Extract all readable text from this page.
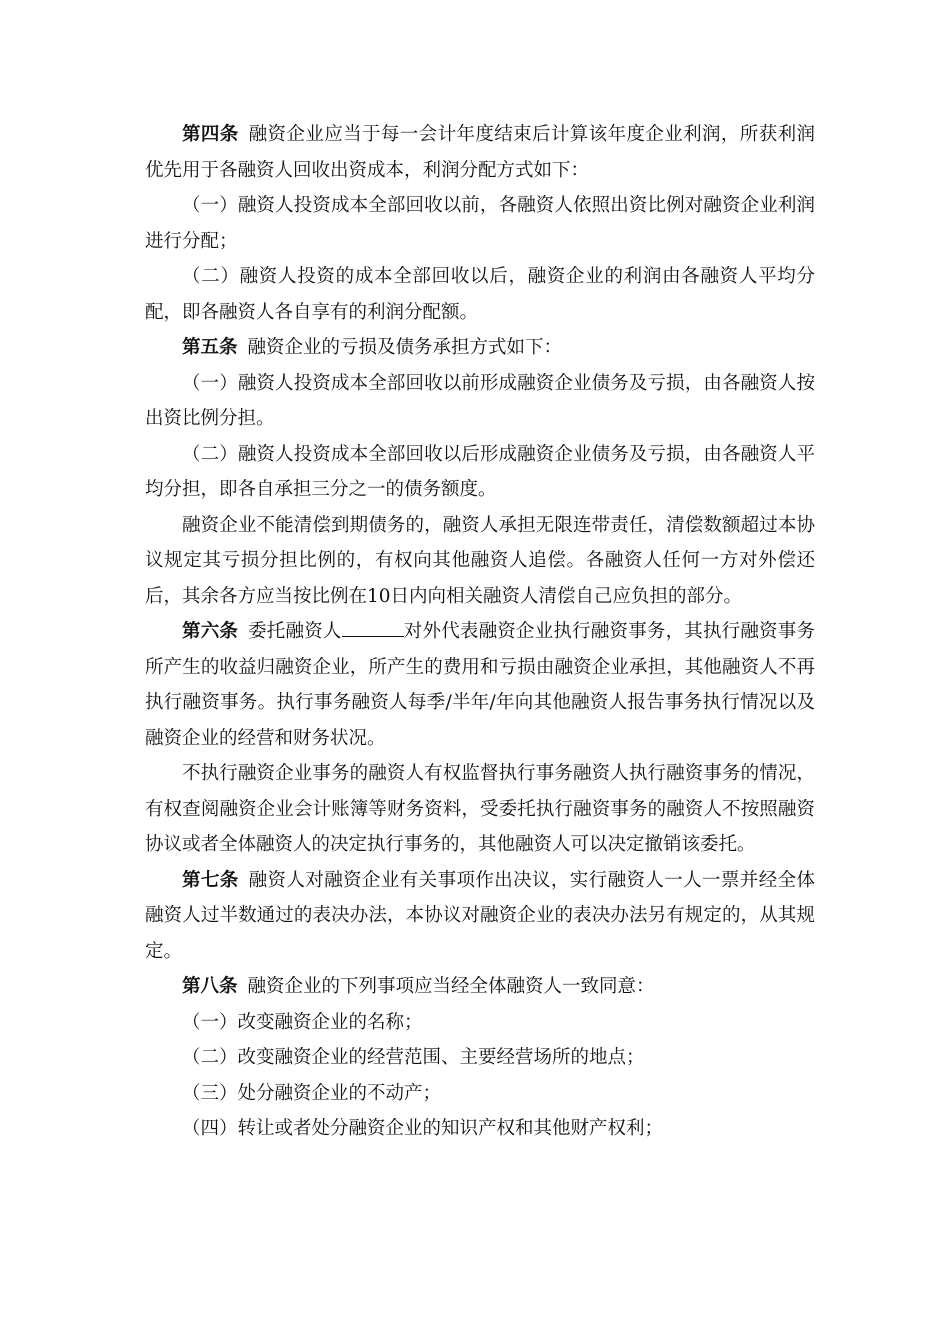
第四条 融资企业应当于每一会计年度结束后计算该年度企业利润，所获利润优先用于各融资人回收出资成本，利润分配方式如下：

（一）融资人投资成本全部回收以前，各融资人依照出资比例对融资企业利润进行分配；

（二）融资人投资的成本全部回收以后，融资企业的利润由各融资人平均分配，即各融资人各自享有的利润分配额。

第五条 融资企业的亏损及债务承担方式如下：

（一）融资人投资成本全部回收以前形成融资企业债务及亏损，由各融资人按出资比例分担。

（二）融资人投资成本全部回收以后形成融资企业债务及亏损，由各融资人平均分担，即各自承担三分之一的债务额度。

融资企业不能清偿到期债务的，融资人承担无限连带责任，清偿数额超过本协议规定其亏损分担比例的，有权向其他融资人追偿。各融资人任何一方对外偿还后，其余各方应当按比例在10日内向相关融资人清偿自己应负担的部分。

第六条 委托融资人	对外代表融资企业执行融资事务，其执行融资事务所产生的收益归融资企业，所产生的费用和亏损由融资企业承担，其他融资人不再执行融资事务。执行事务融资人每季/半年/年向其他融资人报告事务执行情况以及融资企业的经营和财务状况。

不执行融资企业事务的融资人有权监督执行事务融资人执行融资事务的情况，有权查阅融资企业会计账簿等财务资料，受委托执行融资事务的融资人不按照融资协议或者全体融资人的决定执行事务的，其他融资人可以决定撤销该委托。

第七条 融资人对融资企业有关事项作出决议，实行融资人一人一票并经全体融资人过半数通过的表决办法，本协议对融资企业的表决办法另有规定的，从其规定。

第八条 融资企业的下列事项应当经全体融资人一致同意：

（一）改变融资企业的名称；

（二）改变融资企业的经营范围、主要经营场所的地点；

（三）处分融资企业的不动产；

（四）转让或者处分融资企业的知识产权和其他财产权利；
